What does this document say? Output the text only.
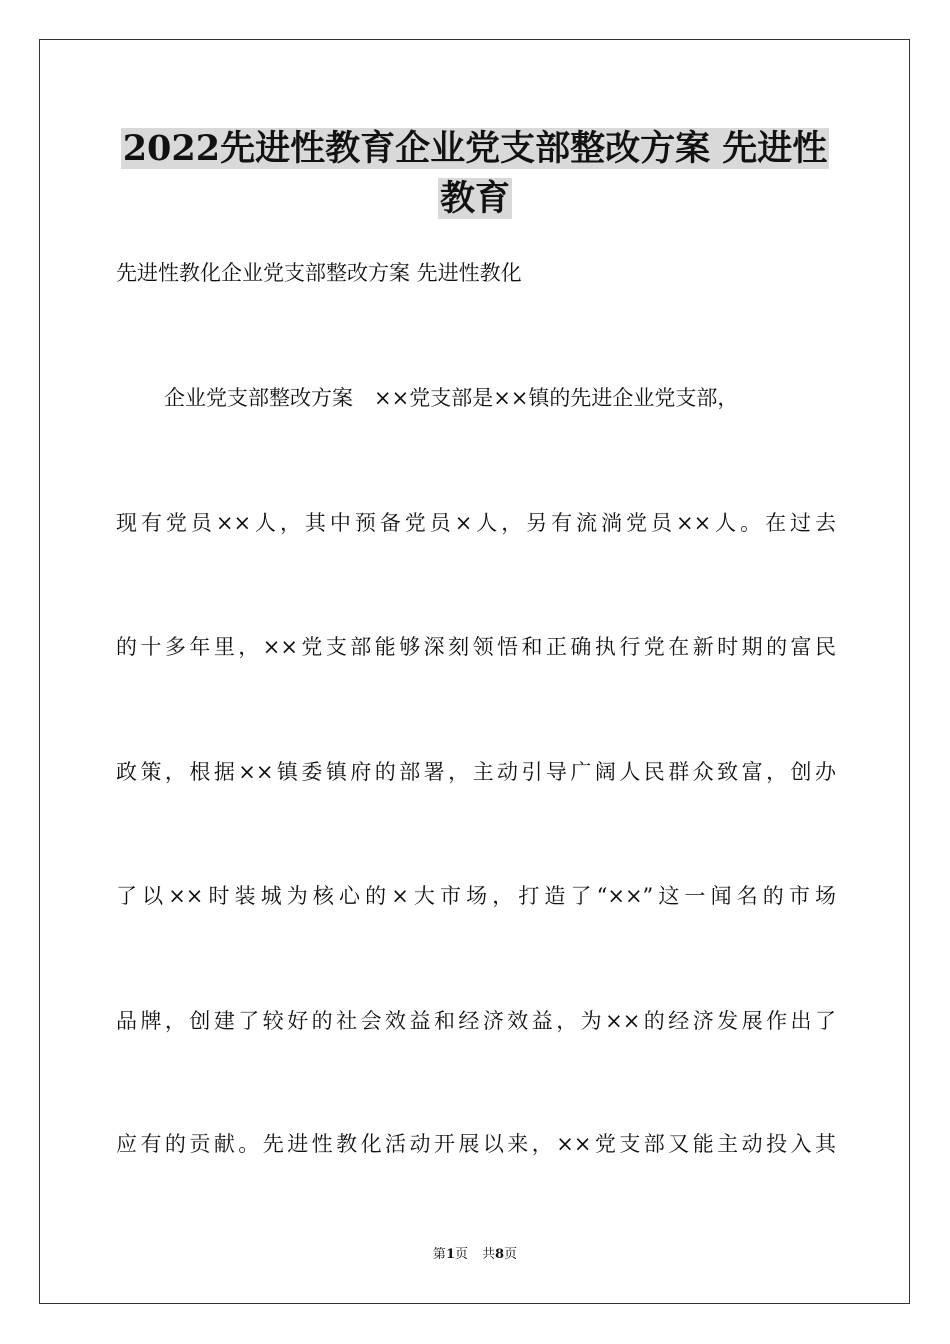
2022先进性教育企业党支部整改方案 先进性
教育
先进性教化企业党支部整改方案 先进性教化
企业党支部整改方案　××党支部是××镇的先进企业党支部，
现有党员××人，其中预备党员×人，另有流淌党员××人。在过去
的十多年里，××党支部能够深刻领悟和正确执行党在新时期的富民
政策，根据××镇委镇府的部署，主动引导广阔人民群众致富，创办
了以××时装城为核心的×大市场，打造了“××”这一闻名的市场
品牌，创建了较好的社会效益和经济效益，为××的经济发展作出了
应有的贡献。先进性教化活动开展以来，××党支部又能主动投入其
第1页 共8页
